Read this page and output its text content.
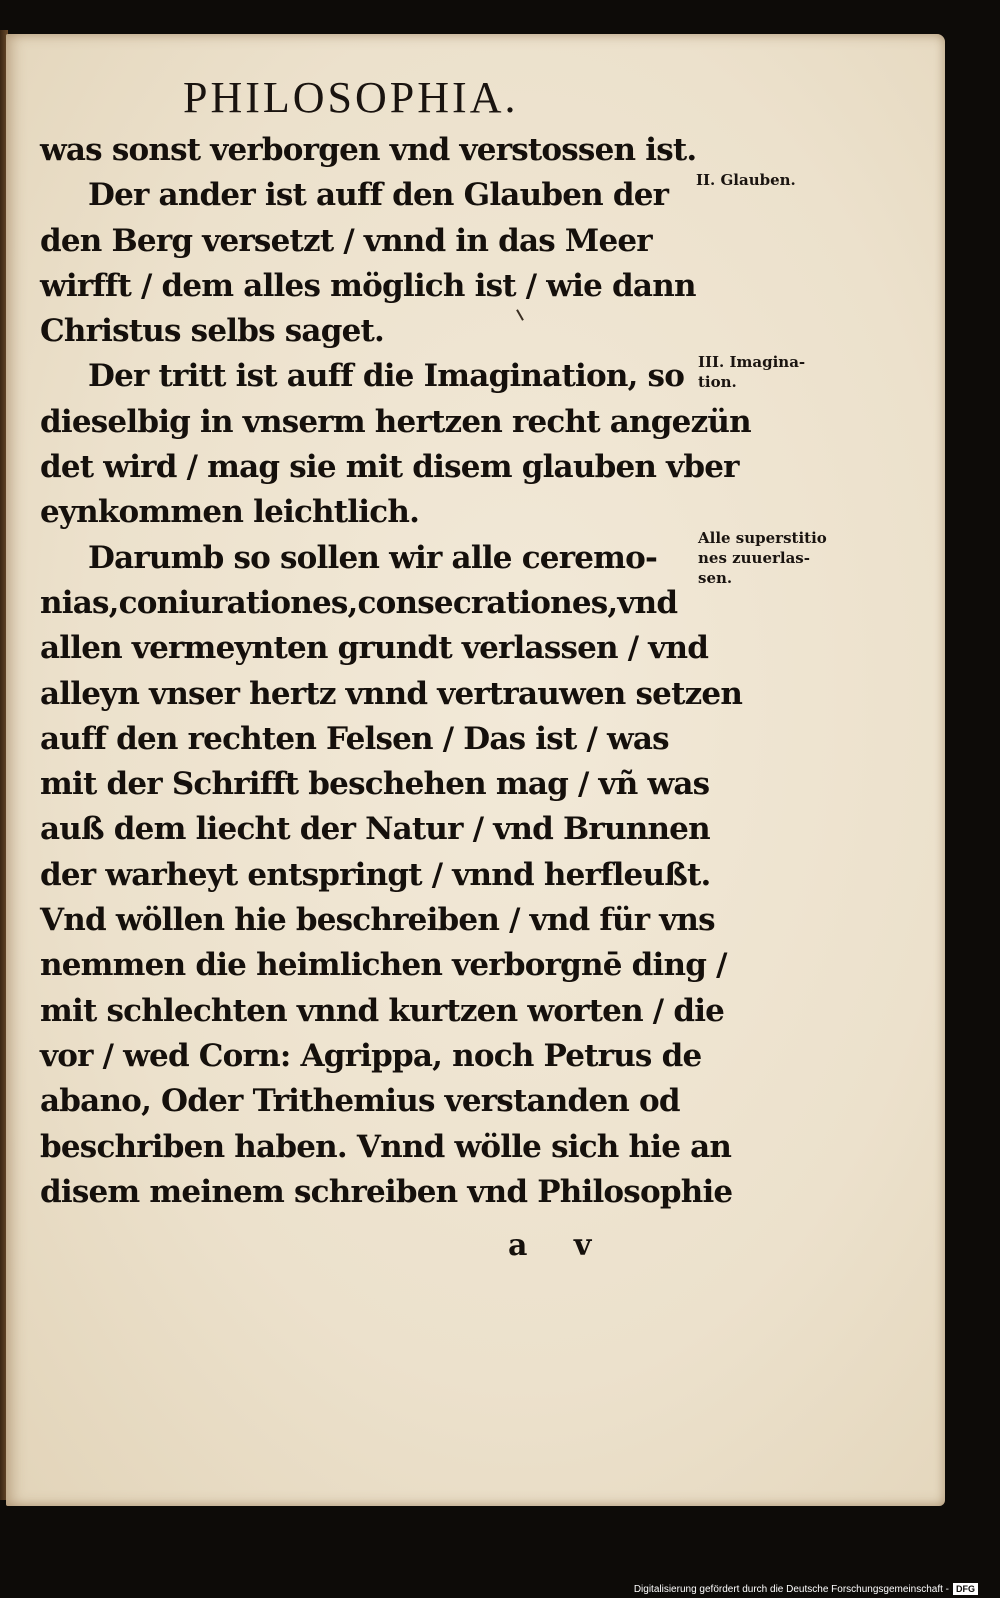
PHILOSOPHIA.
was sonst verborgen vnd verstossen ist.
Der ander ist auff den Glauben der
den Berg versetzt / vnnd in das Meer
wirfft / dem alles möglich ist / wie dann
Christus selbs saget.
Der tritt ist auff die Imagination, so
dieselbig in vnserm hertzen recht angezün
det wird / mag sie mit disem glauben vber
eynkommen leichtlich.
Darumb so sollen wir alle ceremo-
nias,coniurationes,consecrationes,vnd
allen vermeynten grundt verlassen / vnd
alleyn vnser hertz vnnd vertrauwen setzen
auff den rechten Felsen / Das ist / was
mit der Schrifft beschehen mag / vñ was
auß dem liecht der Natur / vnd Brunnen
der warheyt entspringt / vnnd herfleußt.
Vnd wöllen hie beschreiben / vnd für vns
nemmen die heimlichen verborgnē ding /
mit schlechten vnnd kurtzen worten / die
vor / wed Corn: Agrippa, noch Petrus de
abano, Oder Trithemius verstanden od
beschriben haben. Vnnd wölle sich hie an
disem meinem schreiben vnd Philosophie
II. Glauben.
III. Imagina-
tion.
Alle superstitio
nes zuuerlas-
sen.
a v
Digitalisierung gefördert durch die Deutsche Forschungsgemeinschaft - DFG
